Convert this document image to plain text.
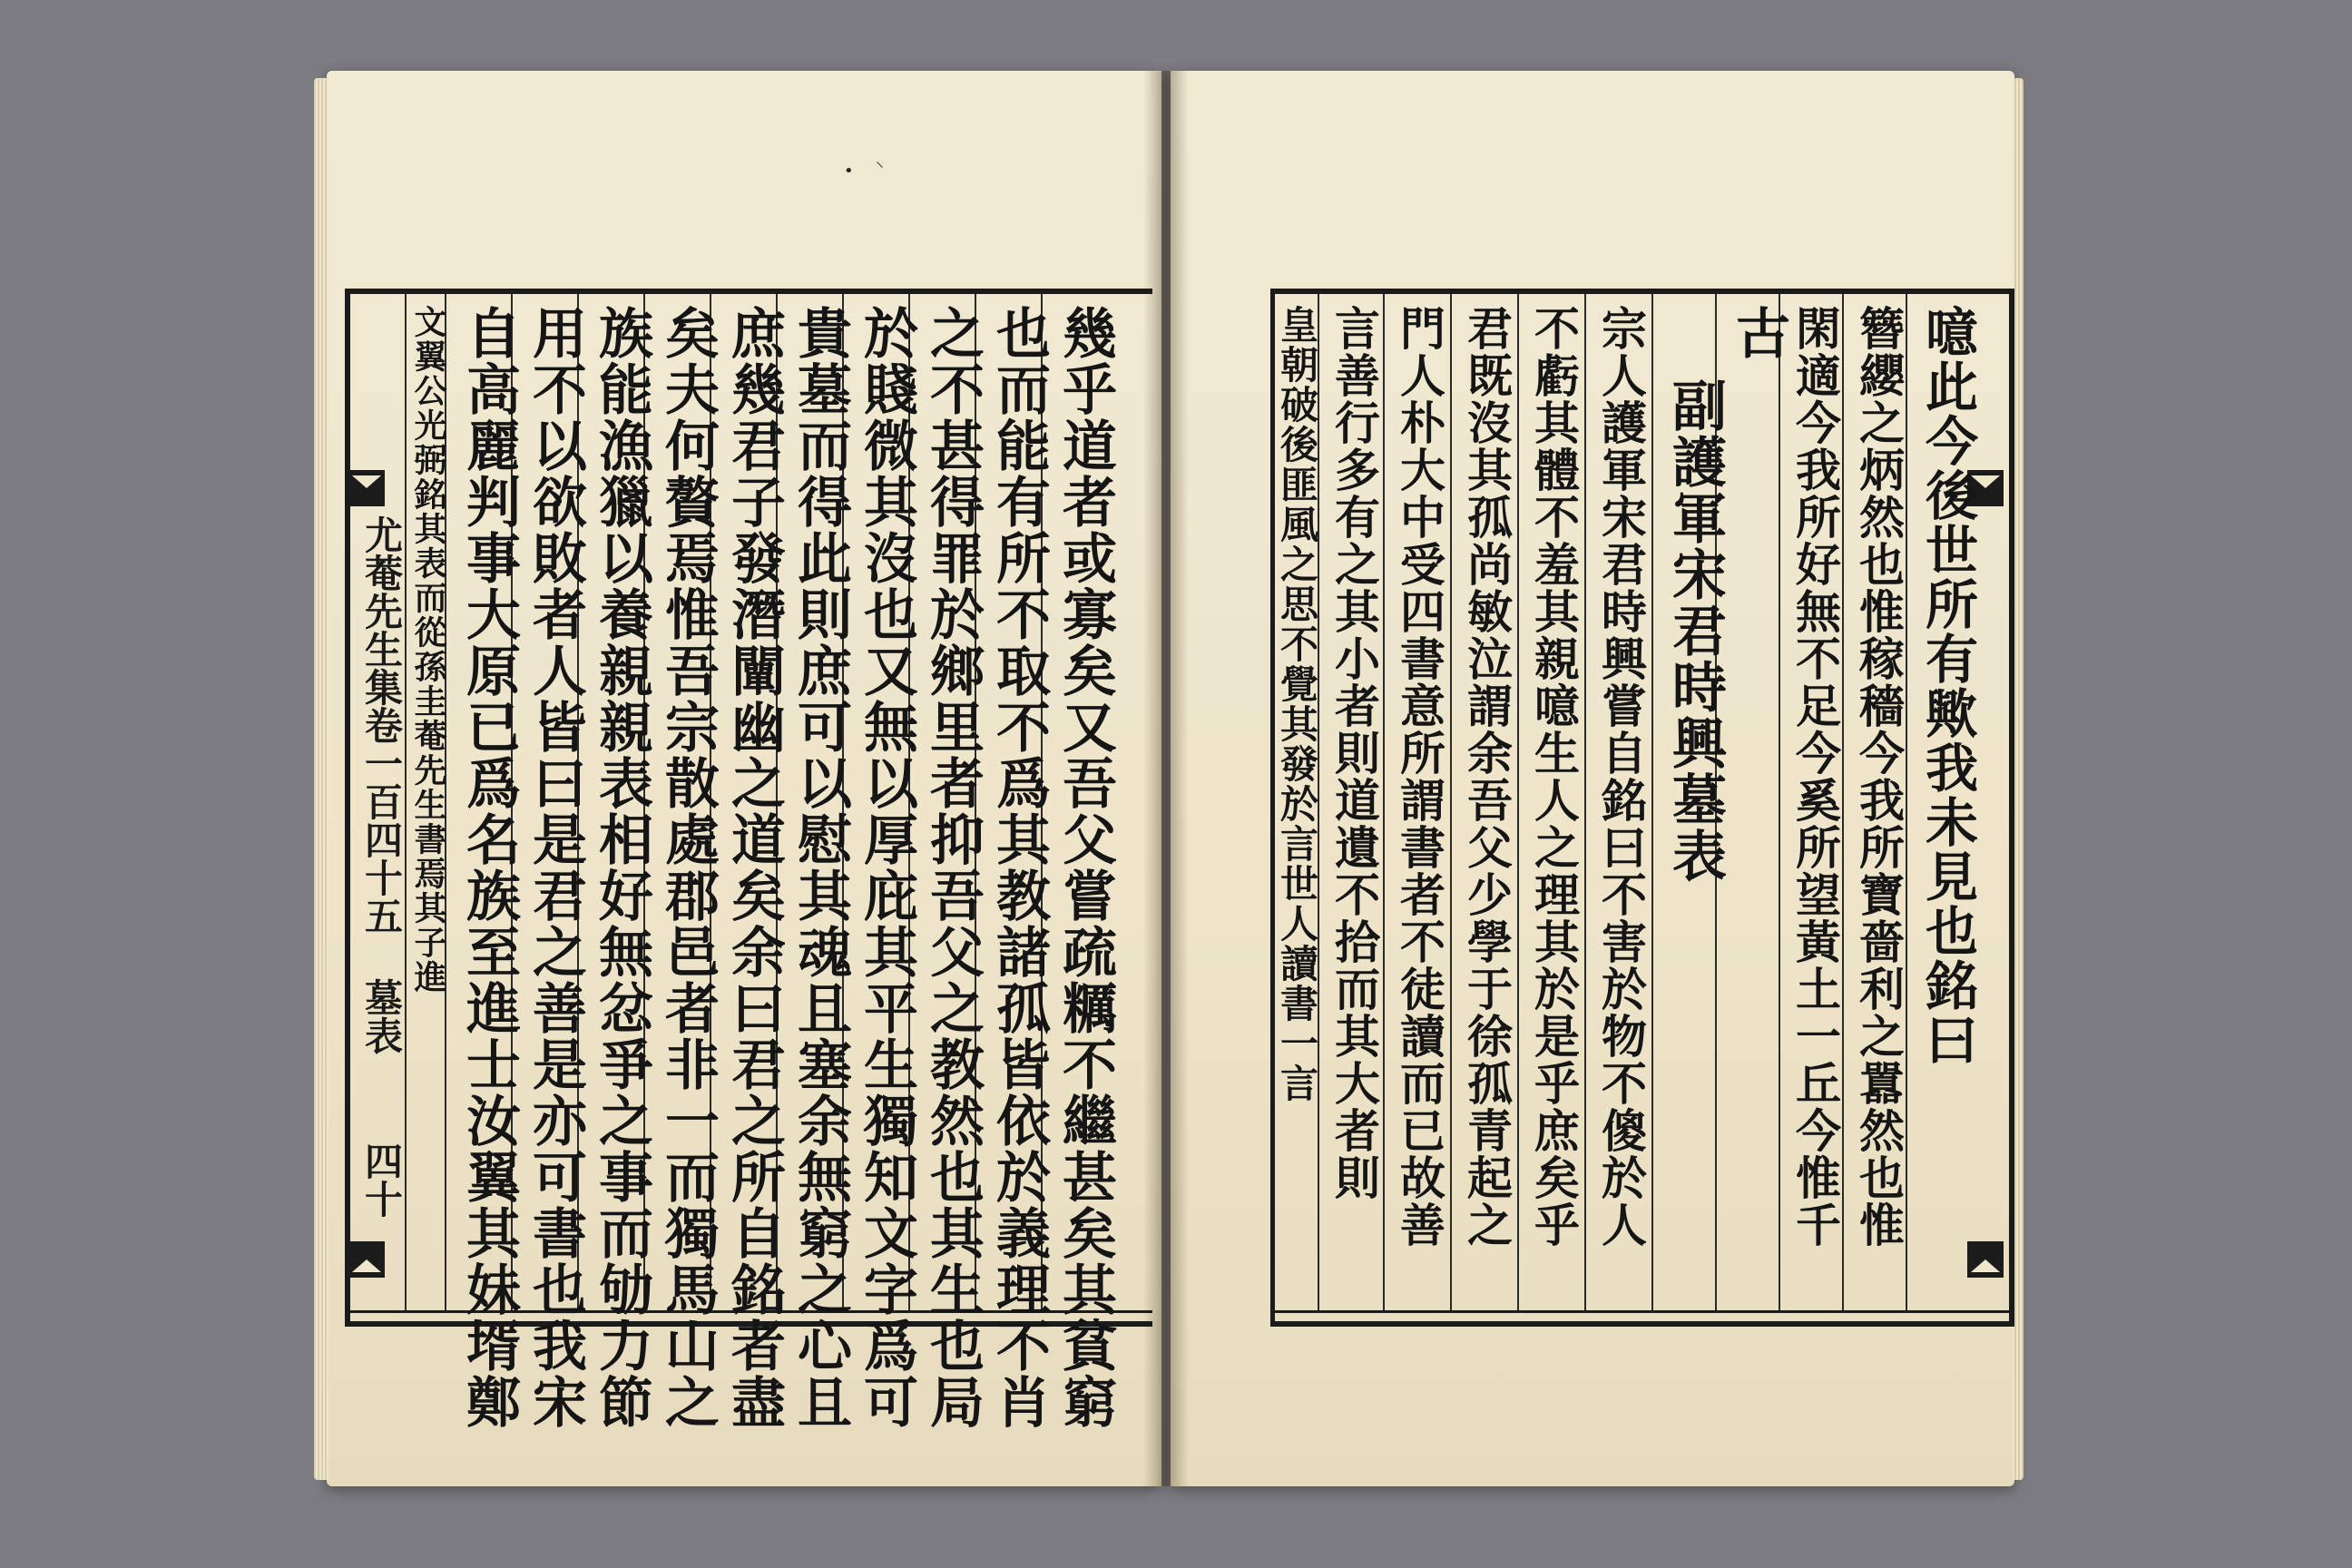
• ⸌
尤菴先生集卷一百四十五
墓表
四十	幾乎道者或寡矣又吾父嘗疏糲不繼甚矣其貧窮
也而能有所不取不爲其教諸孤皆依於義理不肖
之不甚得罪於鄉里者抑吾父之教然也其生也局
於賤微其沒也又無以厚庇其平生獨知文字爲可
貴墓而得此則庶可以慰其魂且塞余無窮之心且
庶幾君子發潛闡幽之道矣余曰君之所自銘者盡
矣夫何贅焉惟吾宗散處郡邑者非一而獨馬山之
族能漁獵以養親親表相好無忿爭之事而劬力節
用不以欲敗者人皆曰是君之善是亦可書也我宋
自高麗判事大原已爲名族至進士汝翼其妹壻鄭
文翼公光弼銘其表而從孫圭菴先生書焉其子進	噫此今後世所有歟我未見也銘曰
簪纓之炳然也惟稼穡今我所寶嗇利之囂然也惟
閑適今我所好無不足今奚所望黃土一丘今惟千
古
副護軍宋君時興墓表
宗人護軍宋君時興嘗自銘曰不害於物不傻於人
不虧其體不羞其親噫生人之理其於是乎庶矣乎
君既沒其孤尚敏泣謂余吾父少學于徐孤青起之
門人朴大中受四書意所謂書者不徒讀而已故善
言善行多有之其小者則道遺不拾而其大者則
皇朝破後匪風之思不覺其發於言世人讀書一言
